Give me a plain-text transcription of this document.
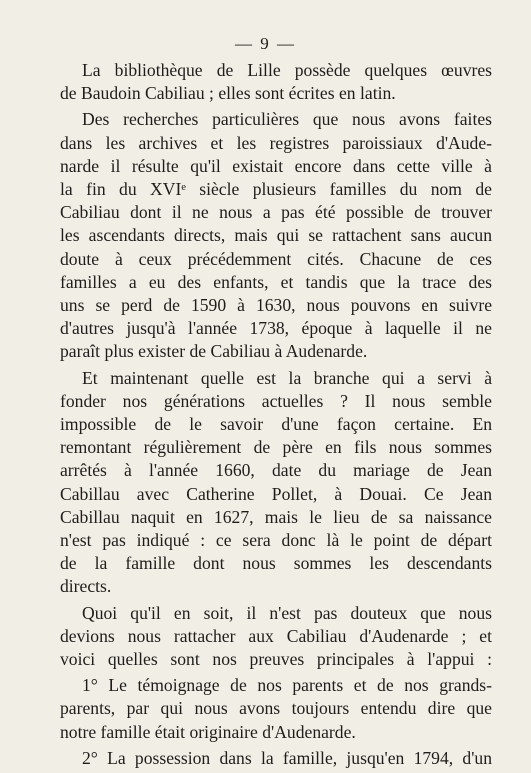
— 9 —

La bibliothèque de Lille possède quelques œuvres
de Baudoin Cabiliau ; elles sont écrites en latin.

Des recherches particulières que nous avons faites
dans les archives et les registres paroissiaux d'Aude-
narde il résulte qu'il existait encore dans cette ville à
la fin du XVIᵉ siècle plusieurs familles du nom de
Cabiliau dont il ne nous a pas été possible de trouver
les ascendants directs, mais qui se rattachent sans aucun
doute à ceux précédemment cités. Chacune de ces
familles a eu des enfants, et tandis que la trace des
uns se perd de 1590 à 1630, nous pouvons en suivre
d'autres jusqu'à l'année 1738, époque à laquelle il ne
paraît plus exister de Cabiliau à Audenarde.

Et maintenant quelle est la branche qui a servi à
fonder nos générations actuelles ? Il nous semble
impossible de le savoir d'une façon certaine. En
remontant régulièrement de père en fils nous sommes
arrêtés à l'année 1660, date du mariage de Jean
Cabillau avec Catherine Pollet, à Douai. Ce Jean
Cabillau naquit en 1627, mais le lieu de sa naissance
n'est pas indiqué : ce sera donc là le point de départ
de la famille dont nous sommes les descendants
directs.

Quoi qu'il en soit, il n'est pas douteux que nous
devions nous rattacher aux Cabiliau d'Audenarde ; et
voici quelles sont nos preuves principales à l'appui :

1° Le témoignage de nos parents et de nos grands-
parents, par qui nous avons toujours entendu dire que
notre famille était originaire d'Audenarde.

2° La possession dans la famille, jusqu'en 1794, d'un
